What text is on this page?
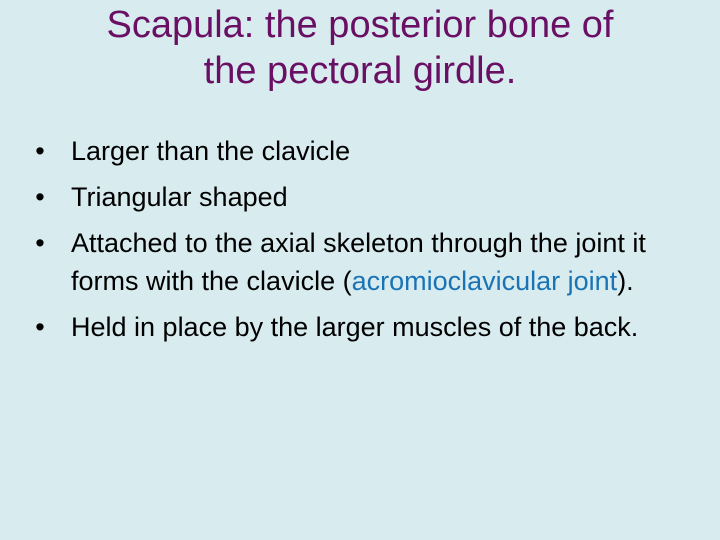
Scapula: the posterior bone of
the pectoral girdle.
• Larger than the clavicle
• Triangular shaped
• Attached to the axial skeleton through the joint it forms with the clavicle (acromioclavicular joint).
• Held in place by the larger muscles of the back.
